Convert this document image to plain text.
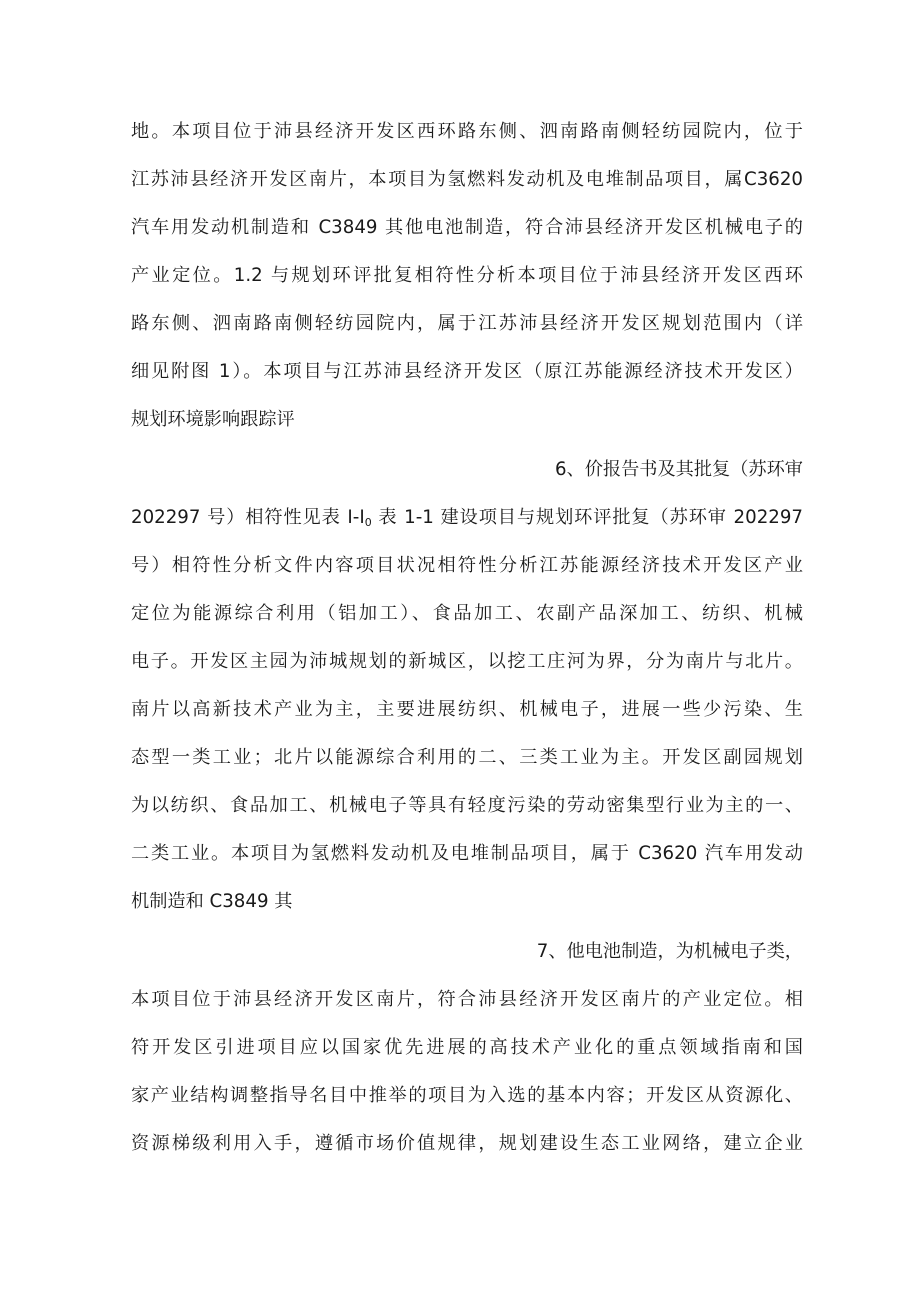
地。本项目位于沛县经济开发区西环路东侧、泗南路南侧轻纺园院内，位于
江苏沛县经济开发区南片，本项目为氢燃料发动机及电堆制品项目，属C3620
汽车用发动机制造和 C3849 其他电池制造，符合沛县经济开发区机械电子的
产业定位。1.2 与规划环评批复相符性分析本项目位于沛县经济开发区西环
路东侧、泗南路南侧轻纺园院内，属于江苏沛县经济开发区规划范围内（详
细见附图 1）。本项目与江苏沛县经济开发区（原江苏能源经济技术开发区）
规划环境影响跟踪评
6、价报告书及其批复（苏环审
202297 号）相符性见表 $I-I_0$ 表 1-1 建设项目与规划环评批复（苏环审 202297
号）相符性分析文件内容项目状况相符性分析江苏能源经济技术开发区产业
定位为能源综合利用（铝加工）、食品加工、农副产品深加工、纺织、机械
电子。开发区主园为沛城规划的新城区，以挖工庄河为界，分为南片与北片。
南片以高新技术产业为主，主要进展纺织、机械电子，进展一些少污染、生
态型一类工业；北片以能源综合利用的二、三类工业为主。开发区副园规划
为以纺织、食品加工、机械电子等具有轻度污染的劳动密集型行业为主的一、
二类工业。本项目为氢燃料发动机及电堆制品项目，属于 C3620 汽车用发动
机制造和 C3849 其
7、他电池制造，为机械电子类，
本项目位于沛县经济开发区南片，符合沛县经济开发区南片的产业定位。相
符开发区引进项目应以国家优先进展的高技术产业化的重点领域指南和国
家产业结构调整指导名目中推举的项目为入选的基本内容；开发区从资源化、
资源梯级利用入手，遵循市场价值规律，规划建设生态工业网络，建立企业
